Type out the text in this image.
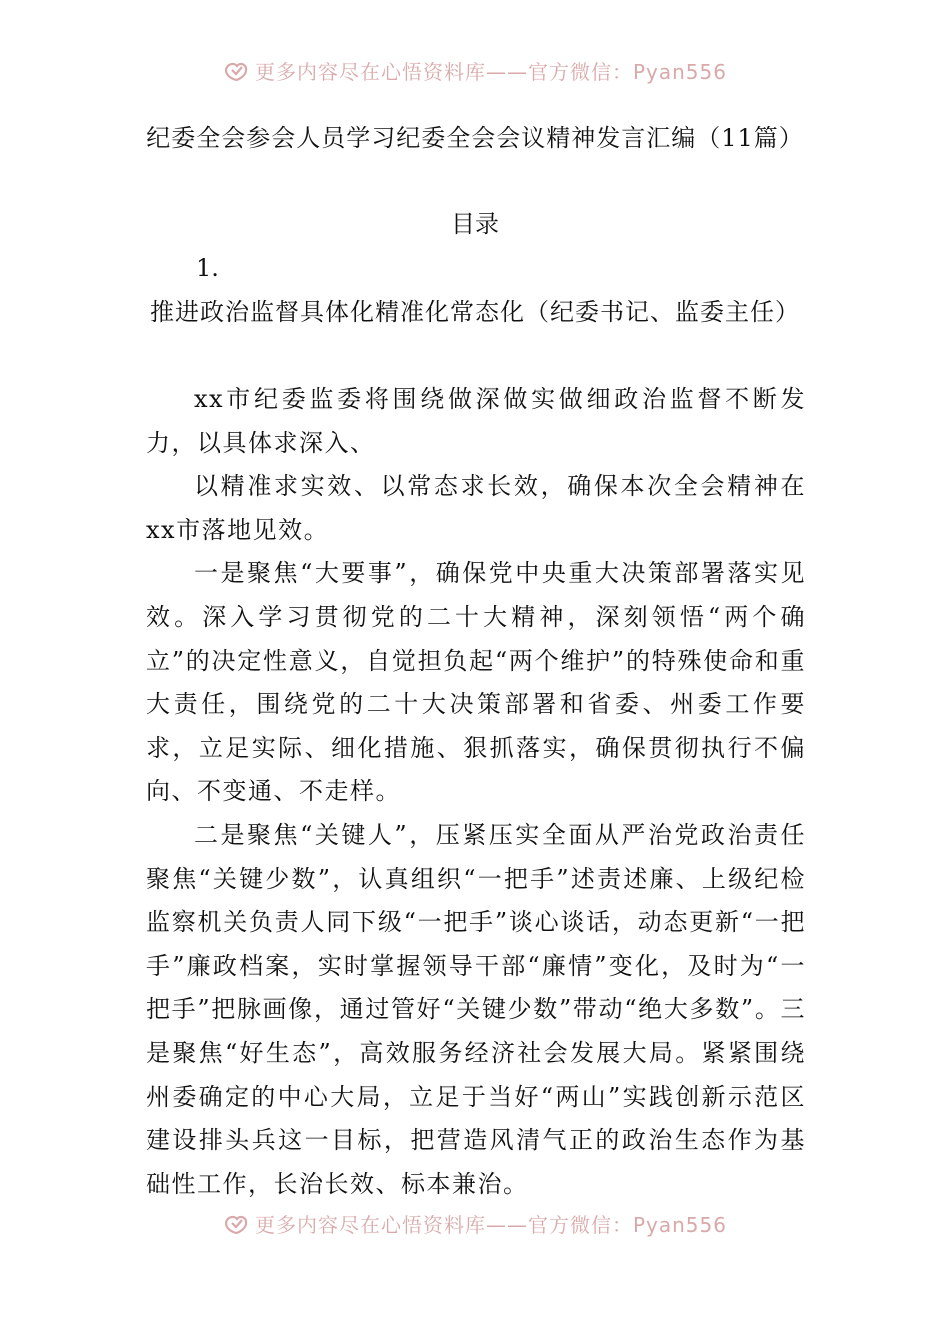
更多内容尽在心悟资料库——官方微信：Pyan556
纪委全会参会人员学习纪委全会会议精神发言汇编（11篇）
目录
1.
推进政治监督具体化精准化常态化（纪委书记、监委主任）

xx市纪委监委将围绕做深做实做细政治监督不断发力，以具体求深入、

以精准求实效、以常态求长效，确保本次全会精神在xx市落地见效。

一是聚焦“大要事”，确保党中央重大决策部署落实见效。深入学习贯彻党的二十大精神，深刻领悟“两个确立”的决定性意义，自觉担负起“两个维护”的特殊使命和重大责任，围绕党的二十大决策部署和省委、州委工作要求，立足实际、细化措施、狠抓落实，确保贯彻执行不偏向、不变通、不走样。

二是聚焦“关键人”，压紧压实全面从严治党政治责任聚焦“关键少数”，认真组织“一把手”述责述廉、上级纪检监察机关负责人同下级“一把手”谈心谈话，动态更新“一把手”廉政档案，实时掌握领导干部“廉情”变化，及时为“一把手”把脉画像，通过管好“关键少数”带动“绝大多数”。三是聚焦“好生态”，高效服务经济社会发展大局。紧紧围绕州委确定的中心大局，立足于当好“两山”实践创新示范区建设排头兵这一目标，把营造风清气正的政治生态作为基础性工作，长治长效、标本兼治。

更多内容尽在心悟资料库——官方微信：Pyan556
